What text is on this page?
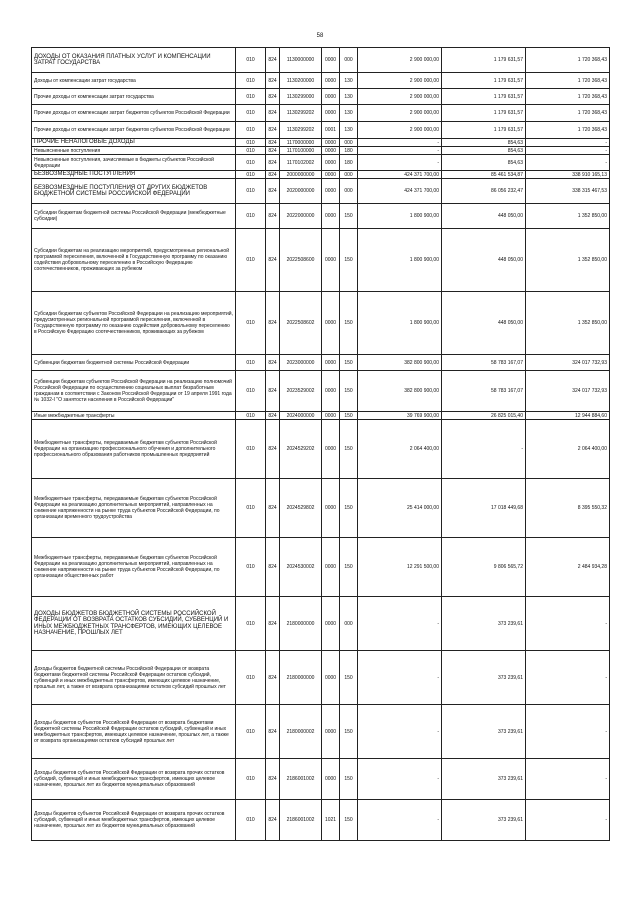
58
ДОХОДЫ ОТ ОКАЗАНИЯ ПЛАТНЫХ УСЛУГ И КОМПЕНСАЦИИ ЗАТРАТ ГОСУДАРСТВА	010	824	1130000000	0000	000	2 900 000,00	1 179 631,57	1 720 368,43
Доходы от компенсации затрат государства	010	824	1130200000	0000	130	2 900 000,00	1 179 631,57	1 720 368,43
Прочие доходы от компенсации затрат государства	010	824	1130299000	0000	130	2 900 000,00	1 179 631,57	1 720 368,43
Прочие доходы от компенсации затрат бюджетов субъектов Российской Федерации	010	824	1130299202	0000	130	2 900 000,00	1 179 631,57	1 720 368,43
Прочие доходы от компенсации затрат бюджетов субъектов Российской Федерации	010	824	1130299202	0001	130	2 900 000,00	1 179 631,57	1 720 368,43
ПРОЧИЕ НЕНАЛОГОВЫЕ ДОХОДЫ	010	824	1170000000	0000	000	-	854,63	-
Невыясненные поступления	010	824	1170100000	0000	180	-	854,63	-
Невыясненные поступления, зачисляемые в бюджеты субъектов Российской Федерации	010	824	1170102002	0000	180	-	854,63	-
БЕЗВОЗМЕЗДНЫЕ ПОСТУПЛЕНИЯ	010	824	2000000000	0000	000	424 371 700,00	85 461 534,87	338 910 165,13
БЕЗВОЗМЕЗДНЫЕ ПОСТУПЛЕНИЯ ОТ ДРУГИХ БЮДЖЕТОВ БЮДЖЕТНОЙ СИСТЕМЫ РОССИЙСКОЙ ФЕДЕРАЦИИ	010	824	2020000000	0000	000	424 371 700,00	86 056 232,47	338 315 467,53
Субсидии бюджетам бюджетной системы Российской Федерации (межбюджетные субсидии)	010	824	2022000000	0000	150	1 800 900,00	448 050,00	1 352 850,00
Субсидии бюджетам на реализацию мероприятий, предусмотренных региональной программой переселения, включенной в Государственную программу по оказанию содействия добровольному переселению в Российскую Федерацию соотечественников, проживающих за рубежом	010	824	2022508600	0000	150	1 800 900,00	448 050,00	1 352 850,00
Субсидии бюджетам субъектов Российской Федерации на реализацию мероприятий, предусмотренных региональной программой переселения, включенной в Государственную программу по оказанию содействия добровольному переселению в Российскую Федерацию соотечественников, проживающих за рубежом	010	824	2022508602	0000	150	1 800 900,00	448 050,00	1 352 850,00
Субвенции бюджетам бюджетной системы Российской Федерации	010	824	2023000000	0000	150	382 800 900,00	58 783 167,07	324 017 732,93
Субвенции бюджетам субъектов Российской Федерации на реализацию полномочий Российской Федерации по осуществлению социальных выплат безработным гражданам в соответствии с Законом Российской Федерации от 19 апреля 1991 года № 1032-I "О занятости населения в Российской Федерации"	010	824	2023529002	0000	150	382 800 900,00	58 783 167,07	324 017 732,93
Иные межбюджетные трансферты	010	824	2024000000	0000	150	39 769 900,00	26 825 015,40	12 944 884,60
Межбюджетные трансферты, передаваемые бюджетам субъектов Российской Федерации на организацию профессионального обучения и дополнительного профессионального образования работников промышленных предприятий	010	824	2024529202	0000	150	2 064 400,00	-	2 064 400,00
Межбюджетные трансферты, передаваемые бюджетам субъектов Российской Федерации на реализацию дополнительных мероприятий, направленных на снижение напряженности на рынке труда субъектов Российской Федерации, по организации временного трудоустройства	010	824	2024529802	0000	150	25 414 000,00	17 018 449,68	8 395 550,32
Межбюджетные трансферты, передаваемые бюджетам субъектов Российской Федерации на реализацию дополнительных мероприятий, направленных на снижение напряженности на рынке труда субъектов Российской Федерации, по организации общественных работ	010	824	2024530002	0000	150	12 291 500,00	9 806 565,72	2 484 934,28
ДОХОДЫ БЮДЖЕТОВ БЮДЖЕТНОЙ СИСТЕМЫ РОССИЙСКОЙ ФЕДЕРАЦИИ ОТ ВОЗВРАТА ОСТАТКОВ СУБСИДИЙ, СУБВЕНЦИЙ И ИНЫХ МЕЖБЮДЖЕТНЫХ ТРАНСФЕРТОВ, ИМЕЮЩИХ ЦЕЛЕВОЕ НАЗНАЧЕНИЕ, ПРОШЛЫХ ЛЕТ	010	824	2180000000	0000	000	-	373 239,61	-
Доходы бюджетов бюджетной системы Российской Федерации от возврата бюджетами бюджетной системы Российской Федерации остатков субсидий, субвенций и иных межбюджетных трансфертов, имеющих целевое назначение, прошлых лет, а также от возврата организациями остатков субсидий прошлых лет	010	824	2180000000	0000	150	-	373 239,61	-
Доходы бюджетов субъектов Российской Федерации от возврата бюджетами бюджетной системы Российской Федерации остатков субсидий, субвенций и иных межбюджетных трансфертов, имеющих целевое назначение, прошлых лет, а также от возврата организациями остатков субсидий прошлых лет	010	824	2180000002	0000	150	-	373 239,61	-
Доходы бюджетов субъектов Российской Федерации от возврата прочих остатков субсидий, субвенций и иных межбюджетных трансфертов, имеющих целевое назначение, прошлых лет из бюджетов муниципальных образований	010	824	2186001002	0000	150	-	373 239,61	-
Доходы бюджетов субъектов Российской Федерации от возврата прочих остатков субсидий, субвенций и иных межбюджетных трансфертов, имеющих целевое назначение, прошлых лет из бюджетов муниципальных образований	010	824	2186001002	1021	150	-	373 239,61	-
